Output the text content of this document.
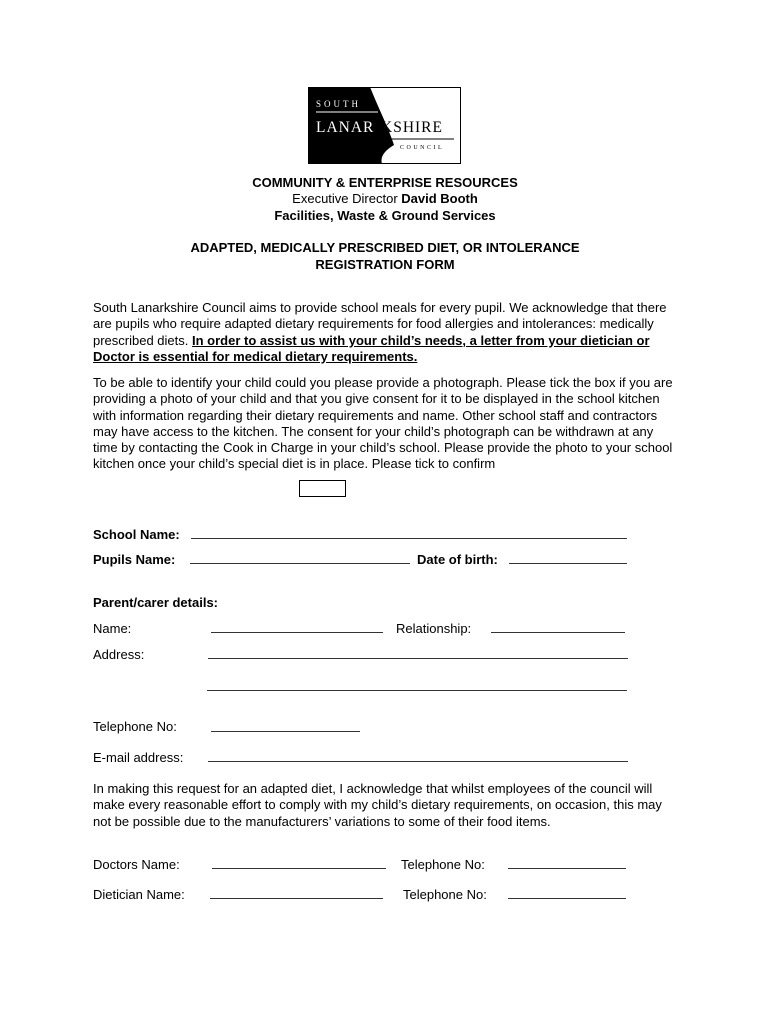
SOUTH
LANAR KSHIRE
COUNCIL
COMMUNITY & ENTERPRISE RESOURCES
Executive Director David Booth
Facilities, Waste & Ground Services
ADAPTED, MEDICALLY PRESCRIBED DIET, OR INTOLERANCE
REGISTRATION FORM
South Lanarkshire Council aims to provide school meals for every pupil. We acknowledge that there are pupils who require adapted dietary requirements for food allergies and intolerances: medically prescribed diets. In order to assist us with your child’s needs, a letter from your dietician or Doctor is essential for medical dietary requirements.
To be able to identify your child could you please provide a photograph. Please tick the box if you are providing a photo of your child and that you give consent for it to be displayed in the school kitchen with information regarding their dietary requirements and name. Other school staff and contractors may have access to the kitchen. The consent for your child’s photograph can be withdrawn at any time by contacting the Cook in Charge in your child’s school. Please provide the photo to your school kitchen once your child’s special diet is in place. Please tick to confirm
School Name:
Pupils Name:	Date of birth:
Parent/carer details:
Name:	Relationship:
Address:
Telephone No:
E-mail address:
In making this request for an adapted diet, I acknowledge that whilst employees of the council will make every reasonable effort to comply with my child’s dietary requirements, on occasion, this may not be possible due to the manufacturers’ variations to some of their food items.
Doctors Name:	Telephone No:
Dietician Name:	Telephone No:
